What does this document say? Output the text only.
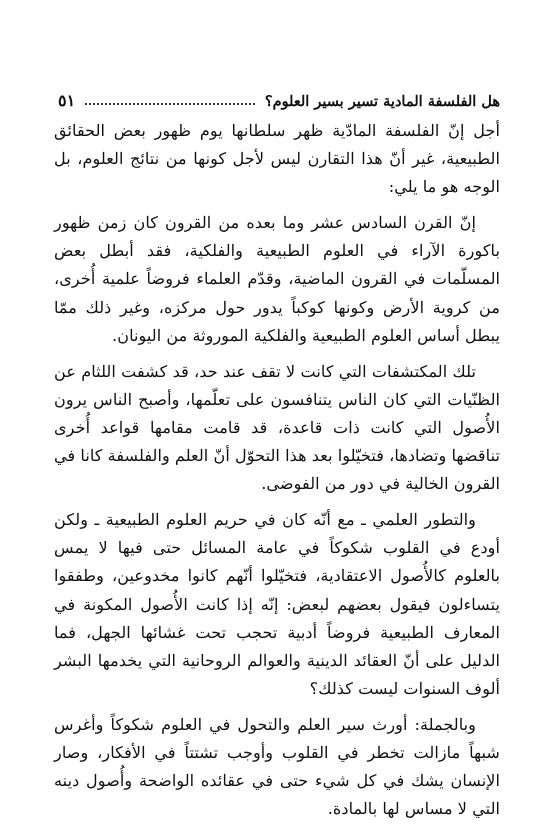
هل الفلسفة المادية تسير بسير العلوم؟
٥١

أجل إنّ الفلسفة المادّية ظهر سلطانها يوم ظهور بعض الحقائق الطبيعية، غير أنّ هذا التقارن ليس لأجل كونها من نتائج العلوم، بل الوجه هو ما يلي:

إنّ القرن السادس عشر وما بعده من القرون كان زمن ظهور باكورة الآراء في العلوم الطبيعية والفلكية، فقد أبطل بعض المسلّمات في القرون الماضية، وقدّم العلماء فروضاً علمية أُخرى، من كروية الأرض وكونها كوكباً يدور حول مركزه، وغير ذلك ممّا يبطل أساس العلوم الطبيعية والفلكية الموروثة من اليونان.

تلك المكتشفات التي كانت لا تقف عند حد، قد كشفت اللثام عن الظنّيات التي كان الناس يتنافسون على تعلّمها، وأصبح الناس يرون الأُصول التي كانت ذات قاعدة، قد قامت مقامها قواعد أُخرى تناقضها وتضادها، فتخيّلوا بعد هذا التحوّل أنّ العلم والفلسفة كانا في القرون الخالية في دور من الفوضى.

والتطور العلمي ـ مع أنّه كان في حريم العلوم الطبيعية ـ ولكن أودع في القلوب شكوكاً في عامة المسائل حتى فيها لا يمس بالعلوم كالأُصول الاعتقادية، فتخيّلوا أنّهم كانوا مخدوعين، وطفقوا يتساءلون فيقول بعضهم لبعض: إنّه إذا كانت الأُصول المكونة في المعارف الطبيعية فروضاً أدبية تحجب تحت غشائها الجهل، فما الدليل على أنّ العقائد الدينية والعوالم الروحانية التي يخدمها البشر ألوف السنوات ليست كذلك؟

وبالجملة: أورث سير العلم والتحول في العلوم شكوكاً وأغرس شبهاً مازالت تخطر في القلوب وأوجب تشتتاً في الأفكار، وصار الإنسان يشك في كل شيء حتى في عقائده الواضحة وأُصول دينه التي لا مساس لها بالمادة.
